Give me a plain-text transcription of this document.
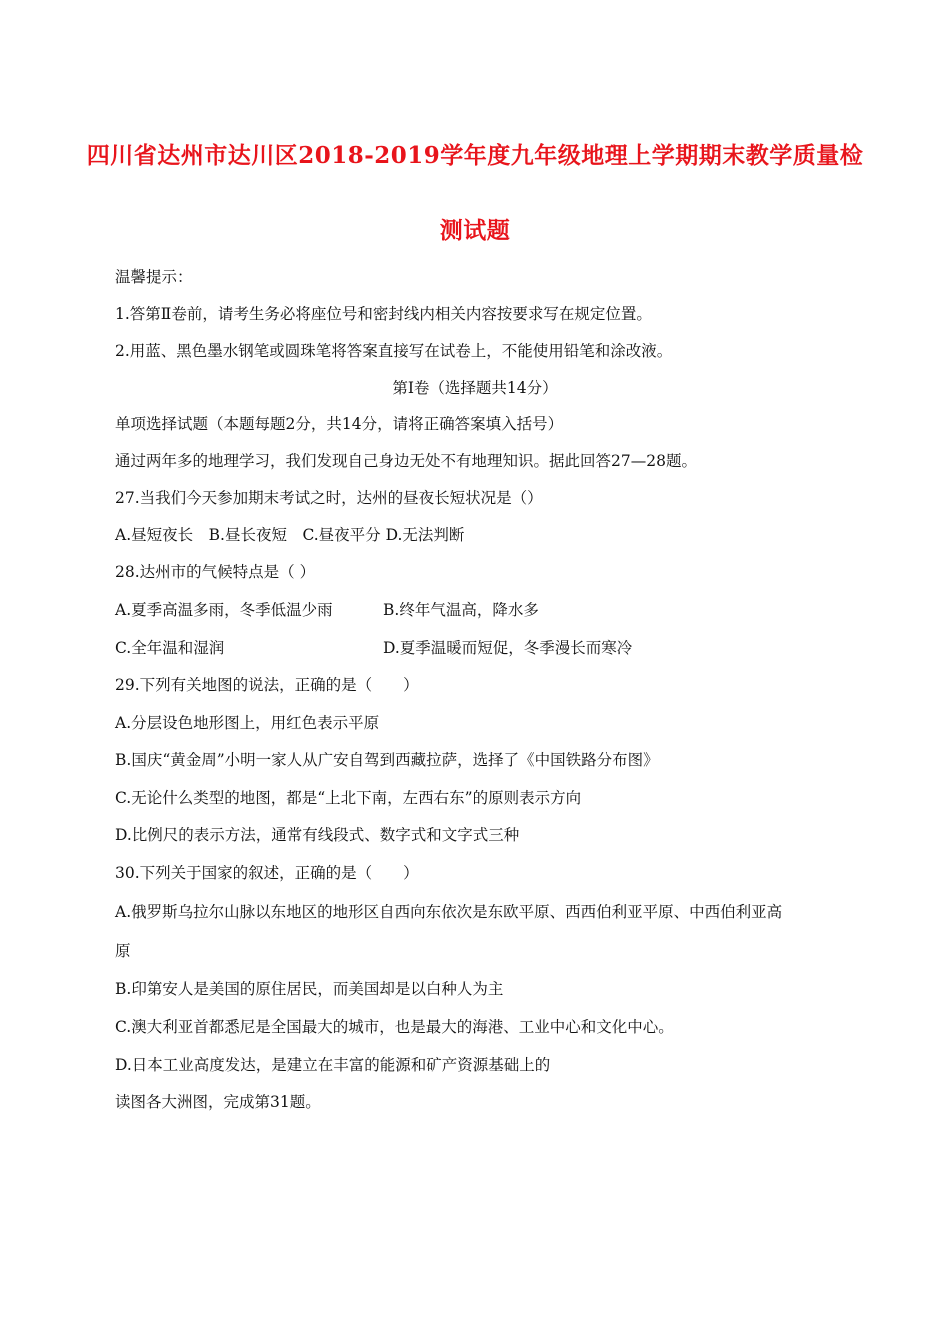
四川省达州市达川区2018-2019学年度九年级地理上学期期末教学质量检
测试题
温馨提示：
1.答第Ⅱ卷前，请考生务必将座位号和密封线内相关内容按要求写在规定位置。
2.用蓝、黑色墨水钢笔或圆珠笔将答案直接写在试卷上，不能使用铅笔和涂改液。
第Ⅰ卷（选择题共14分）
单项选择试题（本题每题2分，共14分，请将正确答案填入括号）
通过两年多的地理学习，我们发现自己身边无处不有地理知识。据此回答27—28题。
27.当我们今天参加期末考试之时，达州的昼夜长短状况是（）
A.昼短夜长　B.昼长夜短　C.昼夜平分 D.无法判断
28.达州市的气候特点是（ ）
A.夏季高温多雨，冬季低温少雨	B.终年气温高，降水多
C.全年温和湿润	D.夏季温暖而短促，冬季漫长而寒冷
29.下列有关地图的说法，正确的是（　　）
A.分层设色地形图上，用红色表示平原
B.国庆“黄金周”小明一家人从广安自驾到西藏拉萨，选择了《中国铁路分布图》
C.无论什么类型的地图，都是“上北下南，左西右东”的原则表示方向
D.比例尺的表示方法，通常有线段式、数字式和文字式三种
30.下列关于国家的叙述，正确的是（　　）
A.俄罗斯乌拉尔山脉以东地区的地形区自西向东依次是东欧平原、西西伯利亚平原、中西伯利亚高
原
B.印第安人是美国的原住居民，而美国却是以白种人为主
C.澳大利亚首都悉尼是全国最大的城市，也是最大的海港、工业中心和文化中心。
D.日本工业高度发达，是建立在丰富的能源和矿产资源基础上的
读图各大洲图，完成第31题。
